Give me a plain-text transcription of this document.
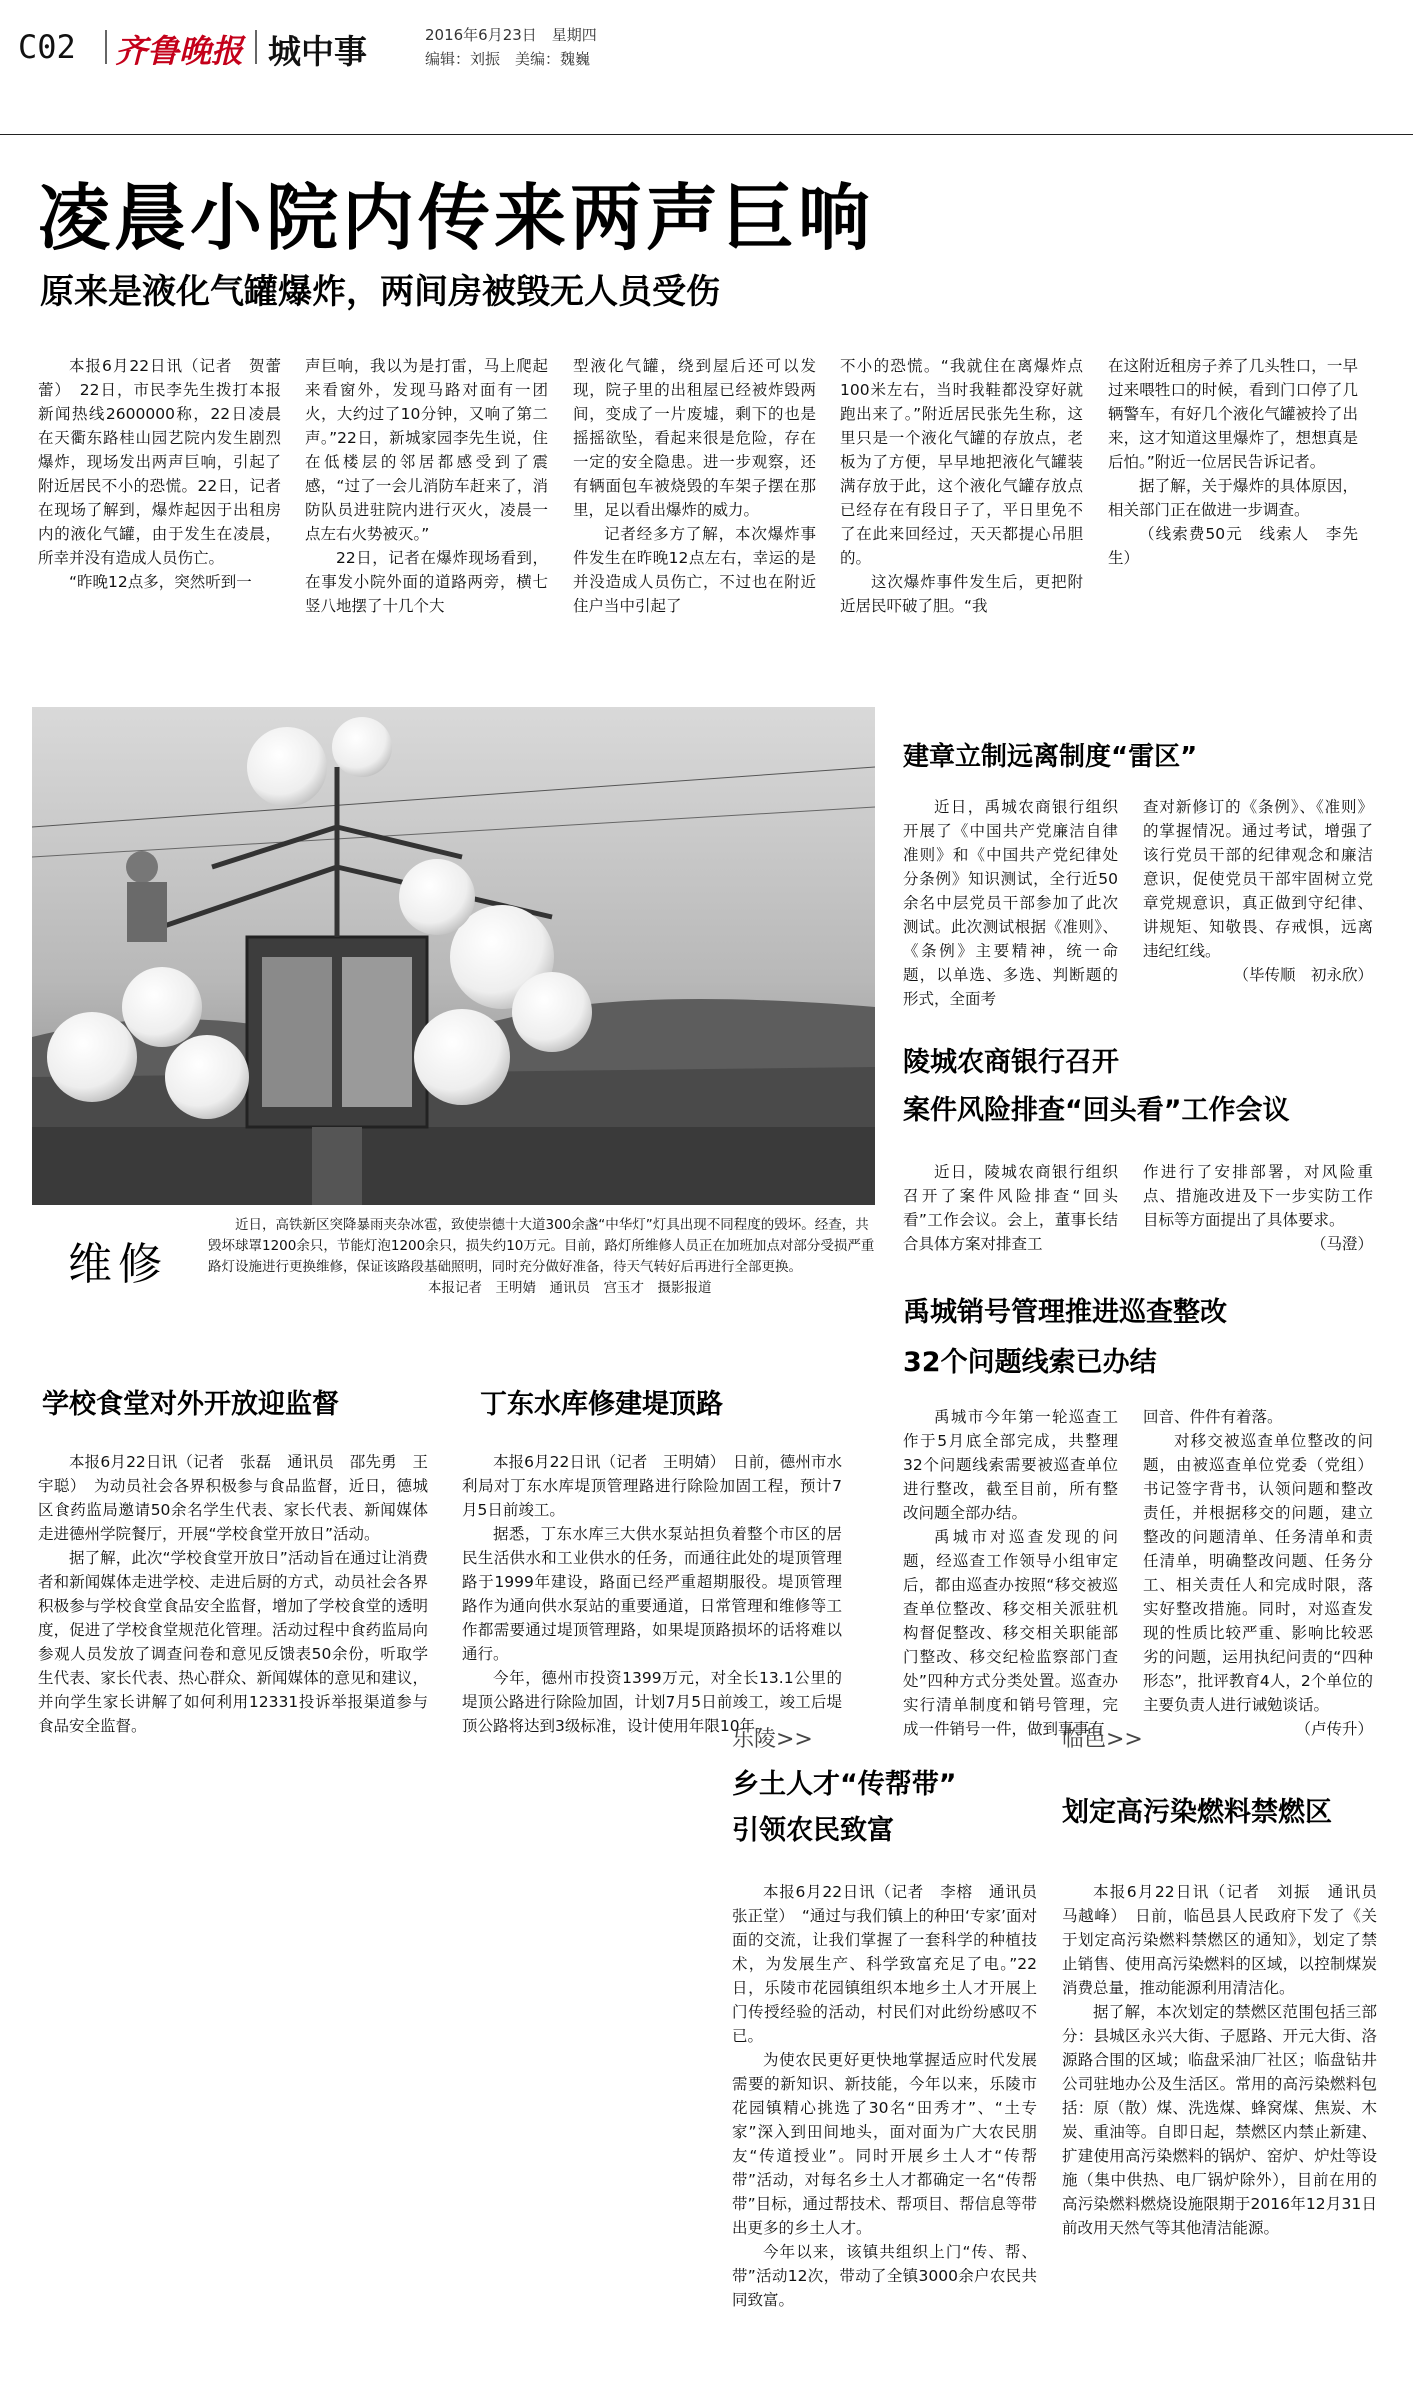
C02 齐鲁晚报 城中事	2016年6月23日　星期四
编辑：刘振　美编：魏巍
凌晨小院内传来两声巨响
原来是液化气罐爆炸，两间房被毁无人员受伤

本报6月22日讯（记者　贺蕾蕾）　22日，市民李先生拨打本报新闻热线2600000称，22日凌晨在天衢东路桂山园艺院内发生剧烈爆炸，现场发出两声巨响，引起了附近居民不小的恐慌。22日，记者在现场了解到，爆炸起因于出租房内的液化气罐，由于发生在凌晨，所幸并没有造成人员伤亡。

“昨晚12点多，突然听到一

声巨响，我以为是打雷，马上爬起来看窗外，发现马路对面有一团火，大约过了10分钟，又响了第二声。”22日，新城家园李先生说，住在低楼层的邻居都感受到了震感，“过了一会儿消防车赶来了，消防队员进驻院内进行灭火，凌晨一点左右火势被灭。”

22日，记者在爆炸现场看到，在事发小院外面的道路两旁，横七竖八地摆了十几个大

型液化气罐，绕到屋后还可以发现，院子里的出租屋已经被炸毁两间，变成了一片废墟，剩下的也是摇摇欲坠，看起来很是危险，存在一定的安全隐患。进一步观察，还有辆面包车被烧毁的车架子摆在那里，足以看出爆炸的威力。

记者经多方了解，本次爆炸事件发生在昨晚12点左右，幸运的是并没造成人员伤亡，不过也在附近住户当中引起了

不小的恐慌。“我就住在离爆炸点100米左右，当时我鞋都没穿好就跑出来了。”附近居民张先生称，这里只是一个液化气罐的存放点，老板为了方便，早早地把液化气罐装满存放于此，这个液化气罐存放点已经存在有段日子了，平日里免不了在此来回经过，天天都提心吊胆的。

这次爆炸事件发生后，更把附近居民吓破了胆。“我

在这附近租房子养了几头牲口，一早过来喂牲口的时候，看到门口停了几辆警车，有好几个液化气罐被拎了出来，这才知道这里爆炸了，想想真是后怕。”附近一位居民告诉记者。

据了解，关于爆炸的具体原因，相关部门正在做进一步调查。

（线索费50元　线索人　李先生）

维修
近日，高铁新区突降暴雨夹杂冰雹，致使崇德十大道300余盏“中华灯”灯具出现不同程度的毁坏。经查，共毁坏球罩1200余只，节能灯泡1200余只，损失约10万元。目前，路灯所维修人员正在加班加点对部分受损严重路灯设施进行更换维修，保证该路段基础照明，同时充分做好准备，待天气转好后再进行全部更换。
本报记者　王明婧　通讯员　宫玉才　摄影报道
建章立制远离制度“雷区”

近日，禹城农商银行组织开展了《中国共产党廉洁自律准则》和《中国共产党纪律处分条例》知识测试，全行近50余名中层党员干部参加了此次测试。此次测试根据《准则》、《条例》主要精神，统一命题，以单选、多选、判断题的形式，全面考

查对新修订的《条例》、《准则》的掌握情况。通过考试，增强了该行党员干部的纪律观念和廉洁意识，促使党员干部牢固树立党章党规意识，真正做到守纪律、讲规矩、知敬畏、存戒惧，远离违纪红线。

（毕传顺　初永欣）

陵城农商银行召开
案件风险排查“回头看”工作会议

近日，陵城农商银行组织召开了案件风险排查“回头看”工作会议。会上，董事长结合具体方案对排查工

作进行了安排部署，对风险重点、措施改进及下一步实防工作目标等方面提出了具体要求。

（马澄）

禹城销号管理推进巡查整改
32个问题线索已办结

禹城市今年第一轮巡查工作于5月底全部完成，共整理32个问题线索需要被巡查单位进行整改，截至目前，所有整改问题全部办结。

禹城市对巡查发现的问题，经巡查工作领导小组审定后，都由巡查办按照“移交被巡查单位整改、移交相关派驻机构督促整改、移交相关职能部门整改、移交纪检监察部门查处”四种方式分类处置。巡查办实行清单制度和销号管理，完成一件销号一件，做到事事有

回音、件件有着落。

对移交被巡查单位整改的问题，由被巡查单位党委（党组）书记签字背书，认领问题和整改责任，并根据移交的问题，建立整改的问题清单、任务清单和责任清单，明确整改问题、任务分工、相关责任人和完成时限，落实好整改措施。同时，对巡查发现的性质比较严重、影响比较恶劣的问题，运用执纪问责的“四种形态”，批评教育4人，2个单位的主要负责人进行诫勉谈话。

（卢传升）

学校食堂对外开放迎监督

本报6月22日讯（记者　张磊　通讯员　邵先勇　王宇聪）　为动员社会各界积极参与食品监督，近日，德城区食药监局邀请50余名学生代表、家长代表、新闻媒体走进德州学院餐厅，开展“学校食堂开放日”活动。

据了解，此次“学校食堂开放日”活动旨在通过让消费者和新闻媒体走进学校、走进后厨的方式，动员社会各界积极参与学校食堂食品安全监督，增加了学校食堂的透明度，促进了学校食堂规范化管理。活动过程中食药监局向参观人员发放了调查问卷和意见反馈表50余份，听取学生代表、家长代表、热心群众、新闻媒体的意见和建议，并向学生家长讲解了如何利用12331投诉举报渠道参与食品安全监督。

丁东水库修建堤顶路

本报6月22日讯（记者　王明婧）　日前，德州市水利局对丁东水库堤顶管理路进行除险加固工程，预计7月5日前竣工。

据悉，丁东水库三大供水泵站担负着整个市区的居民生活供水和工业供水的任务，而通往此处的堤顶管理路于1999年建设，路面已经严重超期服役。堤顶管理路作为通向供水泵站的重要通道，日常管理和维修等工作都需要通过堤顶管理路，如果堤顶路损坏的话将难以通行。

今年，德州市投资1399万元，对全长13.1公里的堤顶公路进行除险加固，计划7月5日前竣工，竣工后堤顶公路将达到3级标准，设计使用年限10年。

乐陵>>
乡土人才“传帮带”
引领农民致富

本报6月22日讯（记者　李榕　通讯员　张正堂）　“通过与我们镇上的种田‘专家’面对面的交流，让我们掌握了一套科学的种植技术，为发展生产、科学致富充足了电。”22日，乐陵市花园镇组织本地乡土人才开展上门传授经验的活动，村民们对此纷纷感叹不已。

为使农民更好更快地掌握适应时代发展需要的新知识、新技能，今年以来，乐陵市花园镇精心挑选了30名“田秀才”、“土专家”深入到田间地头，面对面为广大农民朋友“传道授业”。同时开展乡土人才“传帮带”活动，对每名乡土人才都确定一名“传帮带”目标，通过帮技术、帮项目、帮信息等带出更多的乡土人才。

今年以来，该镇共组织上门“传、帮、带”活动12次，带动了全镇3000余户农民共同致富。

临邑>>
划定高污染燃料禁燃区

本报6月22日讯（记者　刘振　通讯员　马越峰）　日前，临邑县人民政府下发了《关于划定高污染燃料禁燃区的通知》，划定了禁止销售、使用高污染燃料的区域，以控制煤炭消费总量，推动能源利用清洁化。

据了解，本次划定的禁燃区范围包括三部分：县城区永兴大街、子愿路、开元大街、洛源路合围的区域；临盘采油厂社区；临盘钻井公司驻地办公及生活区。常用的高污染燃料包括：原（散）煤、洗选煤、蜂窝煤、焦炭、木炭、重油等。自即日起，禁燃区内禁止新建、扩建使用高污染燃料的锅炉、窑炉、炉灶等设施（集中供热、电厂锅炉除外），目前在用的高污染燃料燃烧设施限期于2016年12月31日前改用天然气等其他清洁能源。
